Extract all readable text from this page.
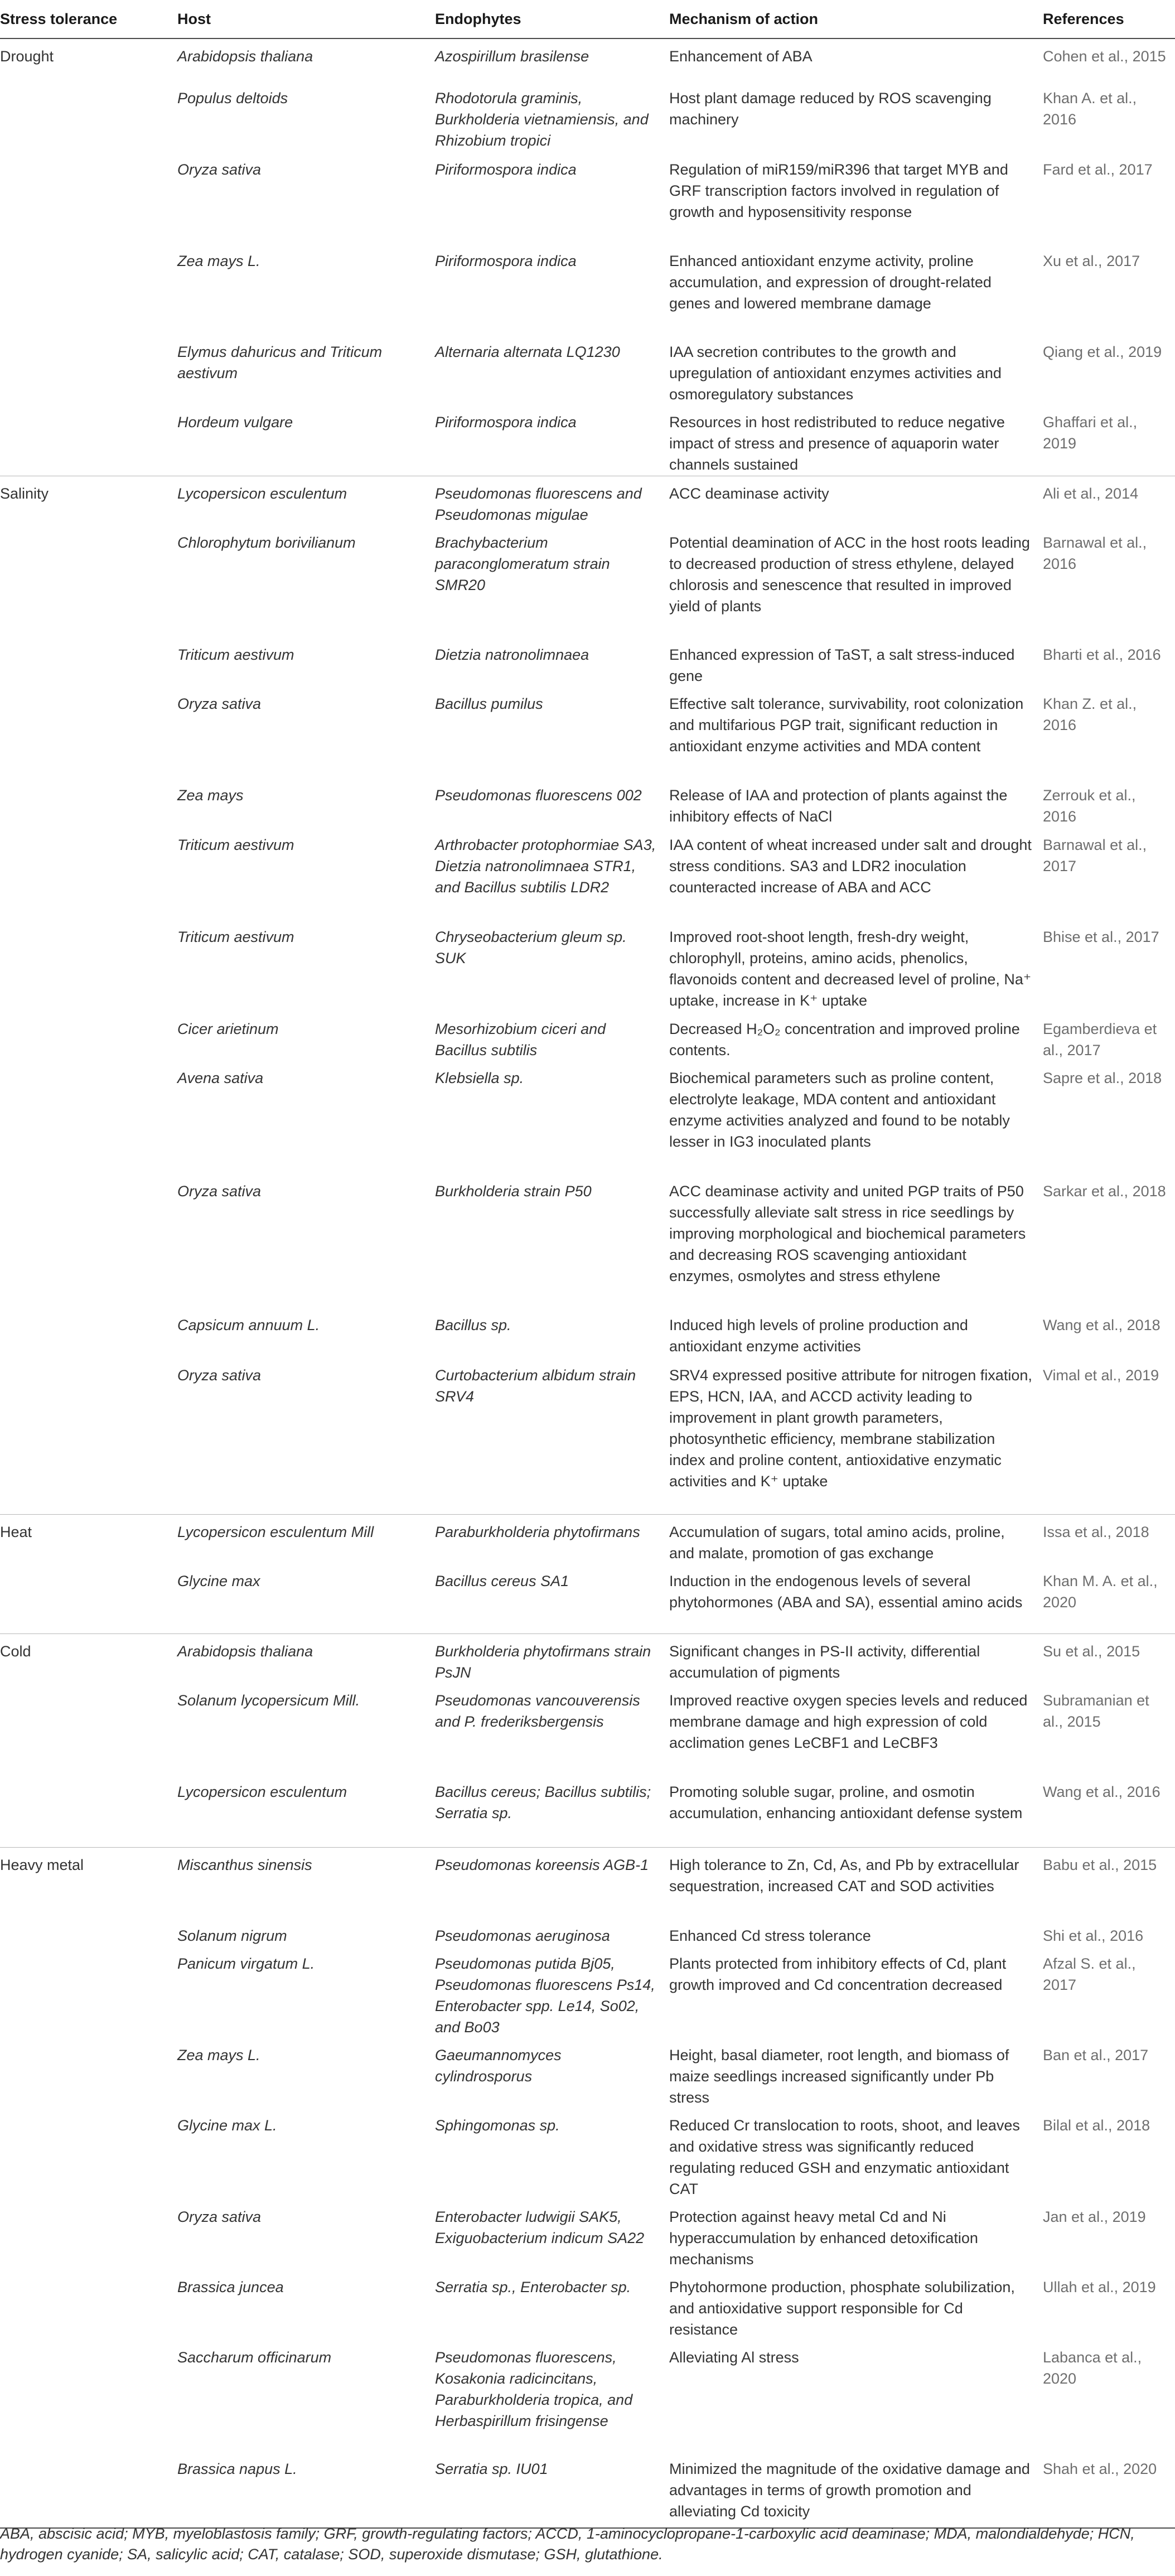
Stress tolerance	Host	Endophytes	Mechanism of action	References
Drought	Arabidopsis thaliana	Azospirillum brasilense	Enhancement of ABA	Cohen et al., 2015
	Populus deltoids	Rhodotorula graminis, Burkholderia vietnamiensis, and Rhizobium tropici	Host plant damage reduced by ROS scavenging machinery	Khan A. et al., 2016
	Oryza sativa	Piriformospora indica	Regulation of miR159/miR396 that target MYB and GRF transcription factors involved in regulation of growth and hyposensitivity response	Fard et al., 2017
	Zea mays L.	Piriformospora indica	Enhanced antioxidant enzyme activity, proline accumulation, and expression of drought-related genes and lowered membrane damage	Xu et al., 2017
	Elymus dahuricus and Triticum aestivum	Alternaria alternata LQ1230	IAA secretion contributes to the growth and upregulation of antioxidant enzymes activities and osmoregulatory substances	Qiang et al., 2019
	Hordeum vulgare	Piriformospora indica	Resources in host redistributed to reduce negative impact of stress and presence of aquaporin water channels sustained	Ghaffari et al., 2019
Salinity	Lycopersicon esculentum	Pseudomonas fluorescens and Pseudomonas migulae	ACC deaminase activity	Ali et al., 2014
	Chlorophytum borivilianum	Brachybacterium paraconglomeratum strain SMR20	Potential deamination of ACC in the host roots leading to decreased production of stress ethylene, delayed chlorosis and senescence that resulted in improved yield of plants	Barnawal et al., 2016
	Triticum aestivum	Dietzia natronolimnaea	Enhanced expression of TaST, a salt stress-induced gene	Bharti et al., 2016
	Oryza sativa	Bacillus pumilus	Effective salt tolerance, survivability, root colonization and multifarious PGP trait, significant reduction in antioxidant enzyme activities and MDA content	Khan Z. et al., 2016
	Zea mays	Pseudomonas fluorescens 002	Release of IAA and protection of plants against the inhibitory effects of NaCl	Zerrouk et al., 2016
	Triticum aestivum	Arthrobacter protophormiae SA3, Dietzia natronolimnaea STR1, and Bacillus subtilis LDR2	IAA content of wheat increased under salt and drought stress conditions. SA3 and LDR2 inoculation counteracted increase of ABA and ACC	Barnawal et al., 2017
	Triticum aestivum	Chryseobacterium gleum sp. SUK	Improved root-shoot length, fresh-dry weight, chlorophyll, proteins, amino acids, phenolics, flavonoids content and decreased level of proline, Na⁺ uptake, increase in K⁺ uptake	Bhise et al., 2017
	Cicer arietinum	Mesorhizobium ciceri and Bacillus subtilis	Decreased H₂O₂ concentration and improved proline contents.	Egamberdieva et al., 2017
	Avena sativa	Klebsiella sp.	Biochemical parameters such as proline content, electrolyte leakage, MDA content and antioxidant enzyme activities analyzed and found to be notably lesser in IG3 inoculated plants	Sapre et al., 2018
	Oryza sativa	Burkholderia strain P50	ACC deaminase activity and united PGP traits of P50 successfully alleviate salt stress in rice seedlings by improving morphological and biochemical parameters and decreasing ROS scavenging antioxidant enzymes, osmolytes and stress ethylene	Sarkar et al., 2018
	Capsicum annuum L.	Bacillus sp.	Induced high levels of proline production and antioxidant enzyme activities	Wang et al., 2018
	Oryza sativa	Curtobacterium albidum strain SRV4	SRV4 expressed positive attribute for nitrogen fixation, EPS, HCN, IAA, and ACCD activity leading to improvement in plant growth parameters, photosynthetic efficiency, membrane stabilization index and proline content, antioxidative enzymatic activities and K⁺ uptake	Vimal et al., 2019
Heat	Lycopersicon esculentum Mill	Paraburkholderia phytofirmans	Accumulation of sugars, total amino acids, proline, and malate, promotion of gas exchange	Issa et al., 2018
	Glycine max	Bacillus cereus SA1	Induction in the endogenous levels of several phytohormones (ABA and SA), essential amino acids	Khan M. A. et al., 2020
Cold	Arabidopsis thaliana	Burkholderia phytofirmans strain PsJN	Significant changes in PS-II activity, differential accumulation of pigments	Su et al., 2015
	Solanum lycopersicum Mill.	Pseudomonas vancouverensis and P. frederiksbergensis	Improved reactive oxygen species levels and reduced membrane damage and high expression of cold acclimation genes LeCBF1 and LeCBF3	Subramanian et al., 2015
	Lycopersicon esculentum	Bacillus cereus; Bacillus subtilis; Serratia sp.	Promoting soluble sugar, proline, and osmotin accumulation, enhancing antioxidant defense system	Wang et al., 2016
Heavy metal	Miscanthus sinensis	Pseudomonas koreensis AGB-1	High tolerance to Zn, Cd, As, and Pb by extracellular sequestration, increased CAT and SOD activities	Babu et al., 2015
	Solanum nigrum	Pseudomonas aeruginosa	Enhanced Cd stress tolerance	Shi et al., 2016
	Panicum virgatum L.	Pseudomonas putida Bj05, Pseudomonas fluorescens Ps14, Enterobacter spp. Le14, So02, and Bo03	Plants protected from inhibitory effects of Cd, plant growth improved and Cd concentration decreased	Afzal S. et al., 2017
	Zea mays L.	Gaeumannomyces cylindrosporus	Height, basal diameter, root length, and biomass of maize seedlings increased significantly under Pb stress	Ban et al., 2017
	Glycine max L.	Sphingomonas sp.	Reduced Cr translocation to roots, shoot, and leaves and oxidative stress was significantly reduced regulating reduced GSH and enzymatic antioxidant CAT	Bilal et al., 2018
	Oryza sativa	Enterobacter ludwigii SAK5, Exiguobacterium indicum SA22	Protection against heavy metal Cd and Ni hyperaccumulation by enhanced detoxification mechanisms	Jan et al., 2019
	Brassica juncea	Serratia sp., Enterobacter sp.	Phytohormone production, phosphate solubilization, and antioxidative support responsible for Cd resistance	Ullah et al., 2019
	Saccharum officinarum	Pseudomonas fluorescens, Kosakonia radicincitans, Paraburkholderia tropica, and Herbaspirillum frisingense	Alleviating Al stress	Labanca et al., 2020
	Brassica napus L.	Serratia sp. IU01	Minimized the magnitude of the oxidative damage and advantages in terms of growth promotion and alleviating Cd toxicity	Shah et al., 2020
ABA, abscisic acid; MYB, myeloblastosis family; GRF, growth-regulating factors; ACCD, 1-aminocyclopropane-1-carboxylic acid deaminase; MDA, malondialdehyde; HCN, hydrogen cyanide; SA, salicylic acid; CAT, catalase; SOD, superoxide dismutase; GSH, glutathione.
